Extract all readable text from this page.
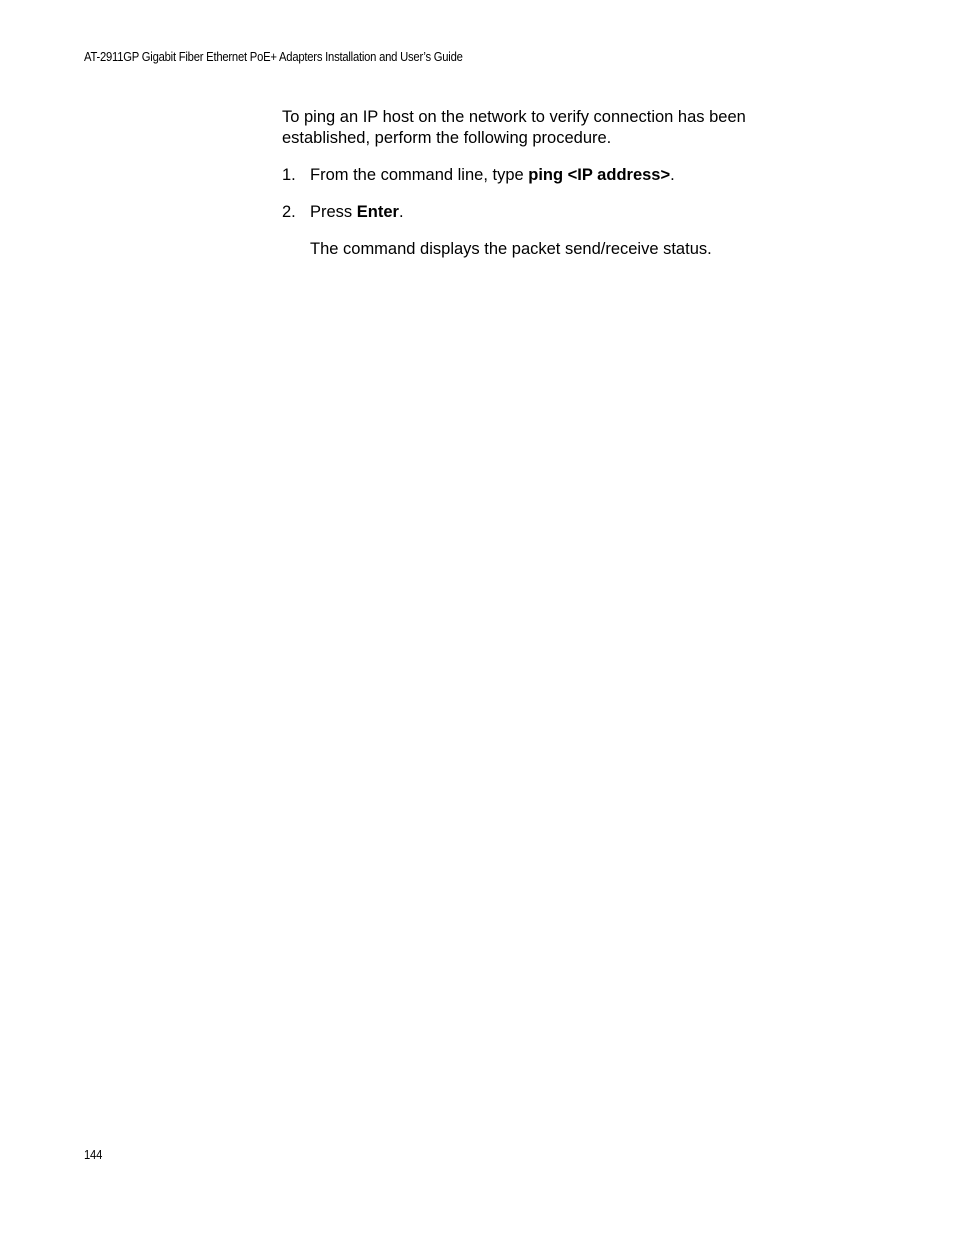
AT-2911GP Gigabit Fiber Ethernet PoE+ Adapters Installation and User’s Guide

To ping an IP host on the network to verify connection has been established, perform the following procedure.

1. From the command line, type ping <IP address>.
2. Press Enter.

The command displays the packet send/receive status.

144
